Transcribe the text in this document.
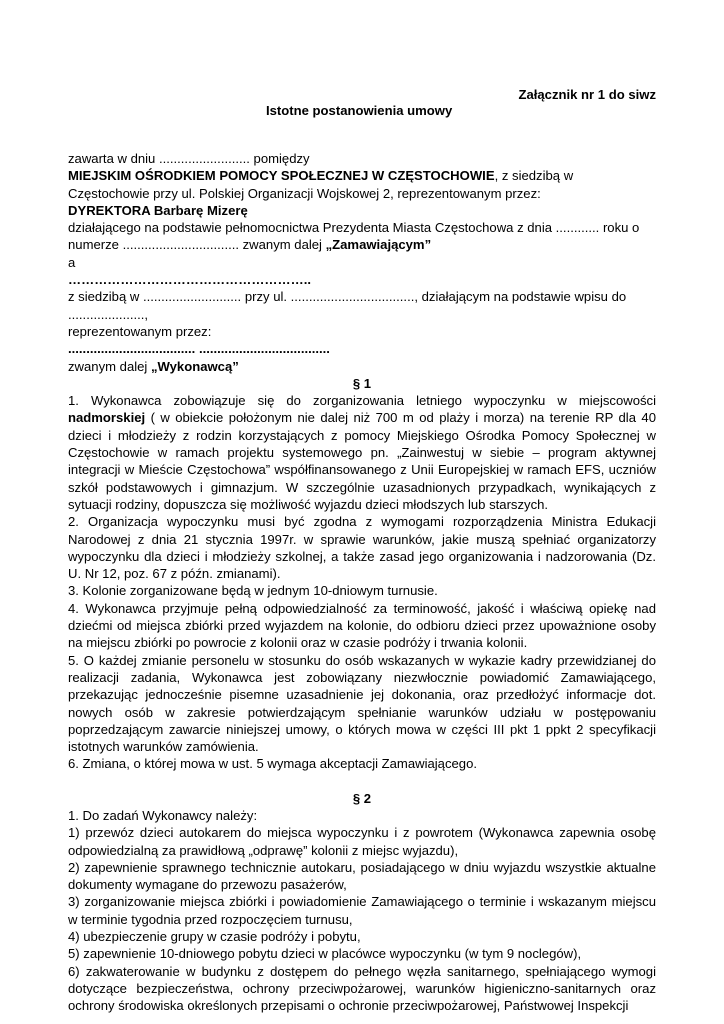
Załącznik nr 1 do siwz
Istotne postanowienia umowy

zawarta w dniu ......................... pomiędzy

MIEJSKIM OŚRODKIEM POMOCY SPOŁECZNEJ W CZĘSTOCHOWIE, z siedzibą w

Częstochowie przy ul. Polskiej Organizacji Wojskowej 2, reprezentowanym przez:

DYREKTORA Barbarę Mizerę

działającego na podstawie pełnomocnictwa Prezydenta Miasta Częstochowa z dnia ............ roku o numerze ................................ zwanym dalej „Zamawiającym”

a

………………………………………………..

z siedzibą w ........................... przy ul. .................................., działającym na podstawie wpisu do .....................,

reprezentowanym przez:

................................... ....................................

zwanym dalej „Wykonawcą”

§ 1

1. Wykonawca zobowiązuje się do zorganizowania letniego wypoczynku w miejscowości nadmorskiej ( w obiekcie położonym nie dalej niż 700 m od plaży i morza) na terenie RP dla 40 dzieci i młodzieży z rodzin korzystających z pomocy Miejskiego Ośrodka Pomocy Społecznej w Częstochowie w ramach projektu systemowego pn. „Zainwestuj w siebie – program aktywnej integracji w Mieście Częstochowa” współfinansowanego z Unii Europejskiej w ramach EFS, uczniów szkół podstawowych i gimnazjum. W szczególnie uzasadnionych przypadkach, wynikających z sytuacji rodziny, dopuszcza się możliwość wyjazdu dzieci młodszych lub starszych.

2. Organizacja wypoczynku musi być zgodna z wymogami rozporządzenia Ministra Edukacji Narodowej z dnia 21 stycznia 1997r. w sprawie warunków, jakie muszą spełniać organizatorzy wypoczynku dla dzieci i młodzieży szkolnej, a także zasad jego organizowania i nadzorowania (Dz. U. Nr 12, poz. 67 z późn. zmianami).

3. Kolonie zorganizowane będą w jednym 10-dniowym turnusie.

4. Wykonawca przyjmuje pełną odpowiedzialność za terminowość, jakość i właściwą opiekę nad dziećmi od miejsca zbiórki przed wyjazdem na kolonie, do odbioru dzieci przez upoważnione osoby na miejscu zbiórki po powrocie z kolonii oraz w czasie podróży i trwania kolonii.

5. O każdej zmianie personelu w stosunku do osób wskazanych w wykazie kadry przewidzianej do realizacji zadania, Wykonawca jest zobowiązany niezwłocznie powiadomić Zamawiającego, przekazując jednocześnie pisemne uzasadnienie jej dokonania, oraz przedłożyć informacje dot. nowych osób w zakresie potwierdzającym spełnianie warunków udziału w postępowaniu poprzedzającym zawarcie niniejszej umowy, o których mowa w części III pkt 1 ppkt 2 specyfikacji istotnych warunków zamówienia.

6. Zmiana, o której mowa w ust. 5 wymaga akceptacji Zamawiającego.

§ 2

1. Do zadań Wykonawcy należy:

1) przewóz dzieci autokarem do miejsca wypoczynku i z powrotem (Wykonawca zapewnia osobę odpowiedzialną za prawidłową „odprawę” kolonii z miejsc wyjazdu),

2) zapewnienie sprawnego technicznie autokaru, posiadającego w dniu wyjazdu wszystkie aktualne dokumenty wymagane do przewozu pasażerów,

3) zorganizowanie miejsca zbiórki i powiadomienie Zamawiającego o terminie i wskazanym miejscu w terminie tygodnia przed rozpoczęciem turnusu,

4) ubezpieczenie grupy w czasie podróży i pobytu,

5) zapewnienie 10-dniowego pobytu dzieci w placówce wypoczynku (w tym 9 noclegów),

6) zakwaterowanie w budynku z dostępem do pełnego węzła sanitarnego, spełniającego wymogi dotyczące bezpieczeństwa, ochrony przeciwpożarowej, warunków higieniczno-sanitarnych oraz ochrony środowiska określonych przepisami o ochronie przeciwpożarowej, Państwowej Inspekcji
